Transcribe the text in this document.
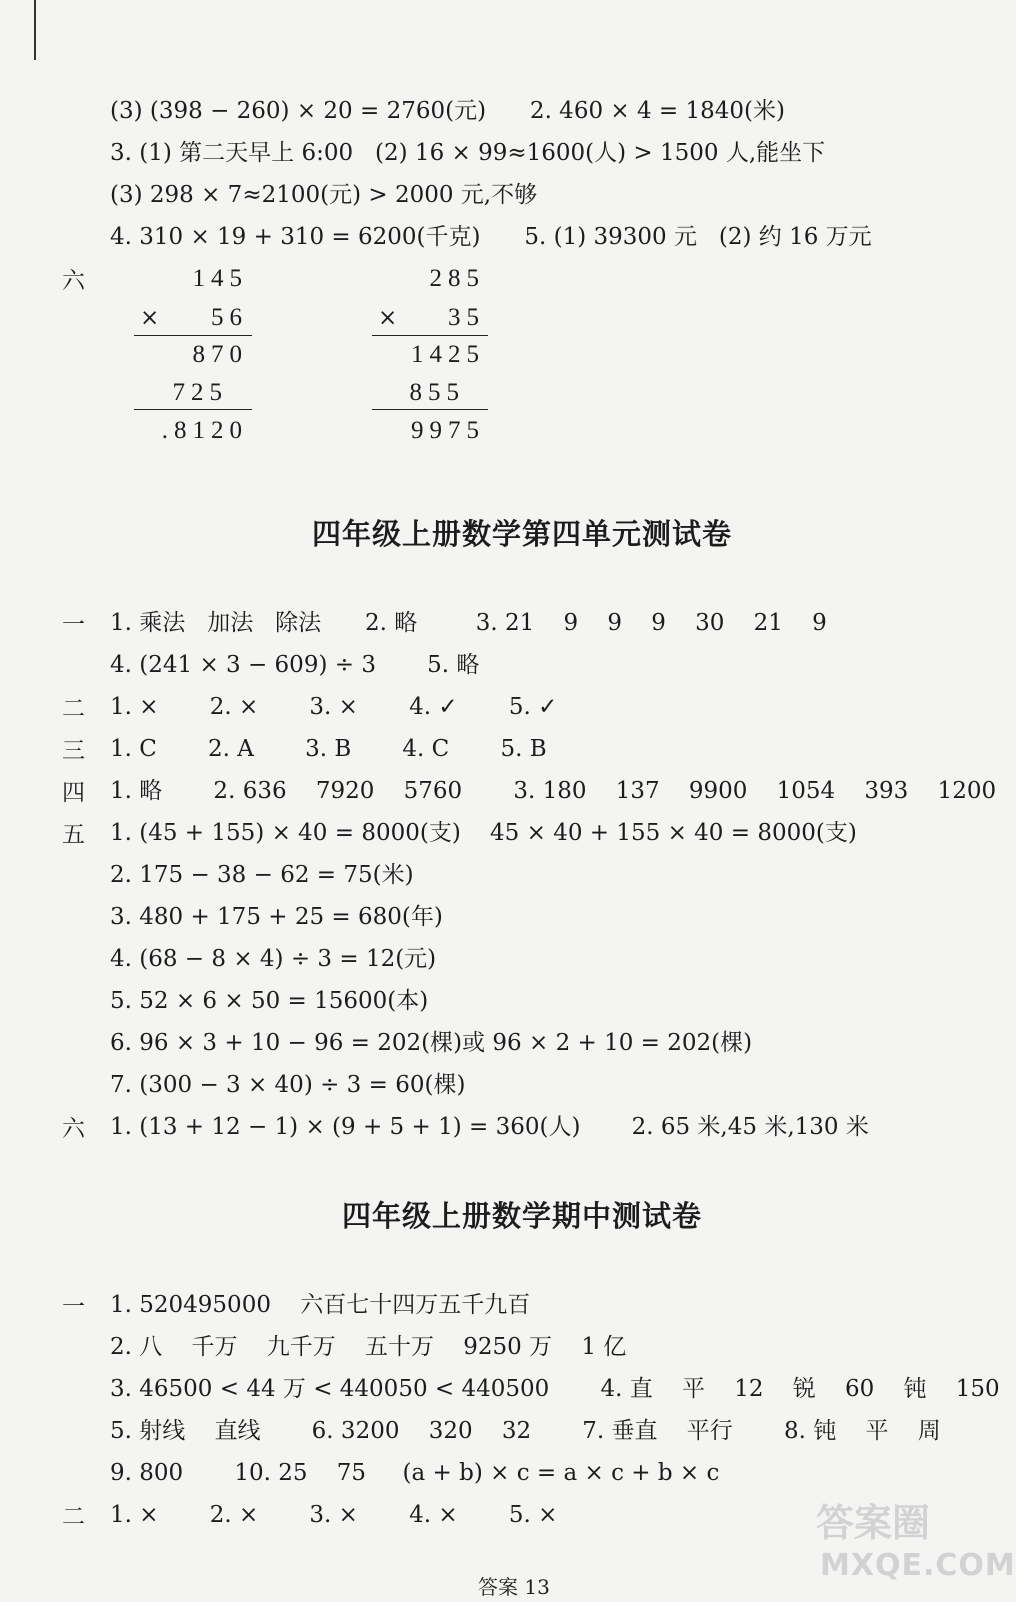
(3) (398 − 260) × 20 = 2760(元)      2. 460 × 4 = 1840(米)
3. (1) 第二天早上 6:00   (2) 16 × 99≈1600(人) > 1500 人,能坐下
(3) 298 × 7≈2100(元) > 2000 元,不够
4. 310 × 19 + 310 = 6200(千克)      5. (1) 39300 元   (2) 约 16 万元
六	145
×	56
870
725
.8120
285
×	35
1425
855
9975
四年级上册数学第四单元测试卷
一 1. 乘法   加法   除法      2. 略        3. 21    9    9    9    30    21    9
4. (241 × 3 − 609) ÷ 3       5. 略
二 1. ×       2. ×       3. ×       4. ✓       5. ✓
三 1. C       2. A       3. B       4. C       5. B
四 1. 略       2. 636    7920    5760       3. 180    137    9900    1054    393    1200
五 1. (45 + 155) × 40 = 8000(支)    45 × 40 + 155 × 40 = 8000(支)
2. 175 − 38 − 62 = 75(米)
3. 480 + 175 + 25 = 680(年)
4. (68 − 8 × 4) ÷ 3 = 12(元)
5. 52 × 6 × 50 = 15600(本)
6. 96 × 3 + 10 − 96 = 202(棵)或 96 × 2 + 10 = 202(棵)
7. (300 − 3 × 40) ÷ 3 = 60(棵)
六 1. (13 + 12 − 1) × (9 + 5 + 1) = 360(人)       2. 65 米,45 米,130 米
四年级上册数学期中测试卷
一 1. 520495000    六百七十四万五千九百
2. 八    千万    九千万    五十万    9250 万    1 亿
3. 46500 < 44 万 < 440050 < 440500       4. 直    平    12    锐    60    钝    150
5. 射线    直线       6. 3200    320    32       7. 垂直    平行       8. 钝    平    周
9. 800       10. 25    75     (a + b) × c = a × c + b × c
二 1. ×       2. ×       3. ×       4. ×       5. ×
答案 13
答案圈
MXQE.COM
